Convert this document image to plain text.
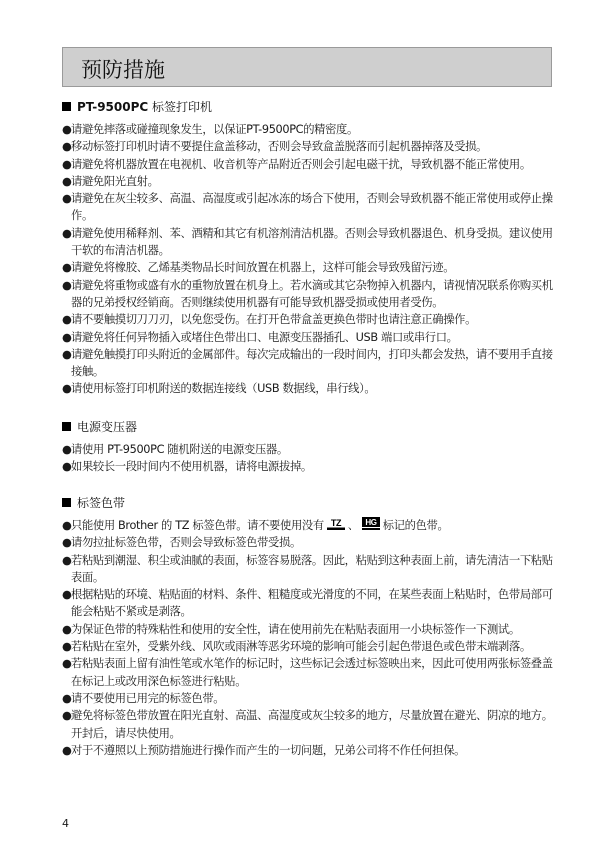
预防措施
PT-9500PC 标签打印机
● 请避免摔落或碰撞现象发生，以保证PT-9500PC的精密度。
● 移动标签打印机时请不要提住盒盖移动，否则会导致盒盖脱落而引起机器掉落及受损。
● 请避免将机器放置在电视机、收音机等产品附近否则会引起电磁干扰，导致机器不能正常使用。
● 请避免阳光直射。
● 请避免在灰尘较多、高温、高湿度或引起冰冻的场合下使用，否则会导致机器不能正常使用或停止操作。
● 请避免使用稀释剂、苯、酒精和其它有机溶剂清洁机器。否则会导致机器退色、机身受损。建议使用干软的布清洁机器。
● 请避免将橡胶、乙烯基类物品长时间放置在机器上，这样可能会导致残留污迹。
● 请避免将重物或盛有水的重物放置在机身上。若水滴或其它杂物掉入机器内，请视情况联系你购买机器的兄弟授权经销商。否则继续使用机器有可能导致机器受损或使用者受伤。
● 请不要触摸切刀刀刃，以免您受伤。在打开色带盒盖更换色带时也请注意正确操作。
● 请避免将任何异物插入或堵住色带出口、电源变压器插孔、USB 端口或串行口。
● 请避免触摸打印头附近的金属部件。每次完成输出的一段时间内，打印头都会发热，请不要用手直接接触。
● 请使用标签打印机附送的数据连接线（USB 数据线，串行线）。
电源变压器
● 请使用 PT-9500PC 随机附送的电源变压器。
● 如果较长一段时间内不使用机器，请将电源拔掉。
标签色带
● 只能使用 Brother 的 TZ 标签色带。请不要使用没有 TZ 、 HG 标记的色带。
● 请勿拉扯标签色带，否则会导致标签色带受损。
● 若粘贴到潮湿、积尘或油腻的表面，标签容易脱落。因此，粘贴到这种表面上前，请先清洁一下粘贴表面。
● 根据粘贴的环境、粘贴面的材料、条件、粗糙度或光滑度的不同，在某些表面上粘贴时，色带局部可能会粘贴不紧或是剥落。
● 为保证色带的特殊粘性和使用的安全性，请在使用前先在粘贴表面用一小块标签作一下测试。
● 若粘贴在室外，受紫外线、风吹或雨淋等恶劣环境的影响可能会引起色带退色或色带末端剥落。
● 若粘贴表面上留有油性笔或水笔作的标记时，这些标记会透过标签映出来，因此可使用两张标签叠盖在标记上或改用深色标签进行粘贴。
● 请不要使用已用完的标签色带。
● 避免将标签色带放置在阳光直射、高温、高湿度或灰尘较多的地方，尽量放置在避光、阴凉的地方。开封后，请尽快使用。
● 对于不遵照以上预防措施进行操作而产生的一切问题，兄弟公司将不作任何担保。
4
